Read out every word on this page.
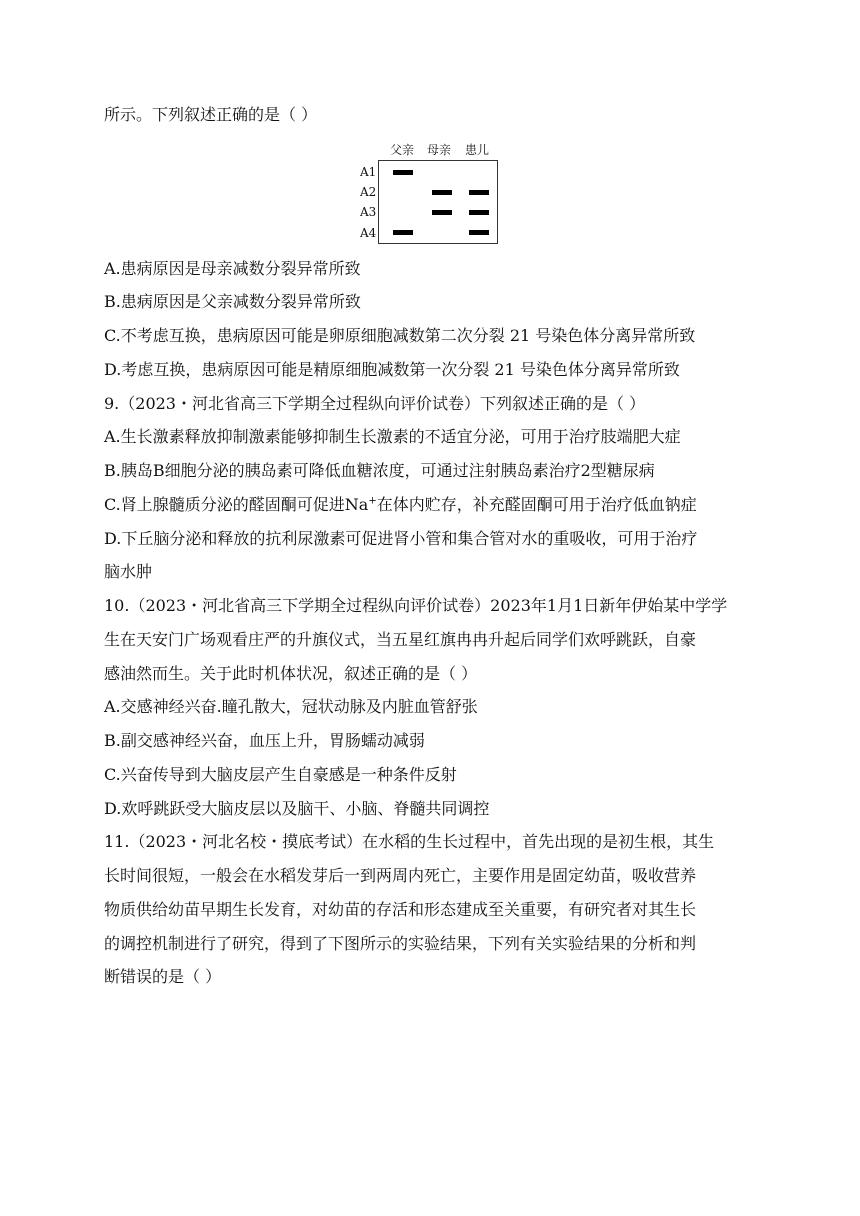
所示。下列叙述正确的是（ ）
父亲 母亲 患儿
A1
A2
A3
A4
A.患病原因是母亲减数分裂异常所致
B.患病原因是父亲减数分裂异常所致
C.不考虑互换，患病原因可能是卵原细胞减数第二次分裂 21 号染色体分离异常所致
D.考虑互换，患病原因可能是精原细胞减数第一次分裂 21 号染色体分离异常所致
9.（2023・河北省高三下学期全过程纵向评价试卷）下列叙述正确的是（ ）
A.生长激素释放抑制激素能够抑制生长激素的不适宜分泌，可用于治疗肢端肥大症
B.胰岛B细胞分泌的胰岛素可降低血糖浓度，可通过注射胰岛素治疗2型糖尿病
C.肾上腺髓质分泌的醛固酮可促进Na+在体内贮存，补充醛固酮可用于治疗低血钠症
D.下丘脑分泌和释放的抗利尿激素可促进肾小管和集合管对水的重吸收，可用于治疗
脑水肿
10.（2023・河北省高三下学期全过程纵向评价试卷）2023年1月1日新年伊始某中学学
生在天安门广场观看庄严的升旗仪式，当五星红旗冉冉升起后同学们欢呼跳跃，自豪
感油然而生。关于此时机体状况，叙述正确的是（ ）
A.交感神经兴奋.瞳孔散大，冠状动脉及内脏血管舒张
B.副交感神经兴奋，血压上升，胃肠蠕动减弱
C.兴奋传导到大脑皮层产生自豪感是一种条件反射
D.欢呼跳跃受大脑皮层以及脑干、小脑、脊髓共同调控
11.（2023・河北名校・摸底考试）在水稻的生长过程中，首先出现的是初生根，其生
长时间很短，一般会在水稻发芽后一到两周内死亡，主要作用是固定幼苗，吸收营养
物质供给幼苗早期生长发育，对幼苗的存活和形态建成至关重要，有研究者对其生长
的调控机制进行了研究，得到了下图所示的实验结果，下列有关实验结果的分析和判
断错误的是（ ）
